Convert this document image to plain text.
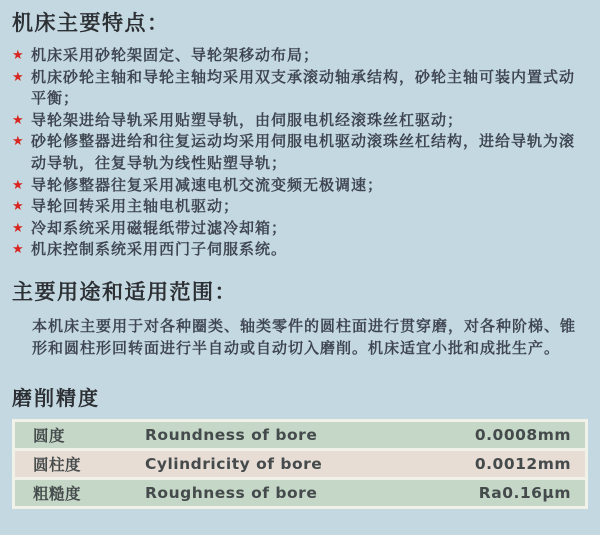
机床主要特点：
★ 机床采用砂轮架固定、导轮架移动布局；
★ 机床砂轮主轴和导轮主轴均采用双支承滚动轴承结构，砂轮主轴可装内置式动平衡；
★ 导轮架进给导轨采用贴塑导轨，由伺服电机经滚珠丝杠驱动；
★ 砂轮修整器进给和往复运动均采用伺服电机驱动滚珠丝杠结构，进给导轨为滚动导轨，往复导轨为线性贴塑导轨；
★ 导轮修整器往复采用减速电机交流变频无极调速；
★ 导轮回转采用主轴电机驱动；
★ 冷却系统采用磁辊纸带过滤冷却箱；
★ 机床控制系统采用西门子伺服系统。
主要用途和适用范围：

本机床主要用于对各种圈类、轴类零件的圆柱面进行贯穿磨，对各种阶梯、锥形和圆柱形回转面进行半自动或自动切入磨削。机床适宜小批和成批生产。

磨削精度
圆度	Roundness of bore	0.0008mm
圆柱度	Cylindricity of bore	0.0012mm
粗糙度	Roughness of bore	Ra0.16μm
